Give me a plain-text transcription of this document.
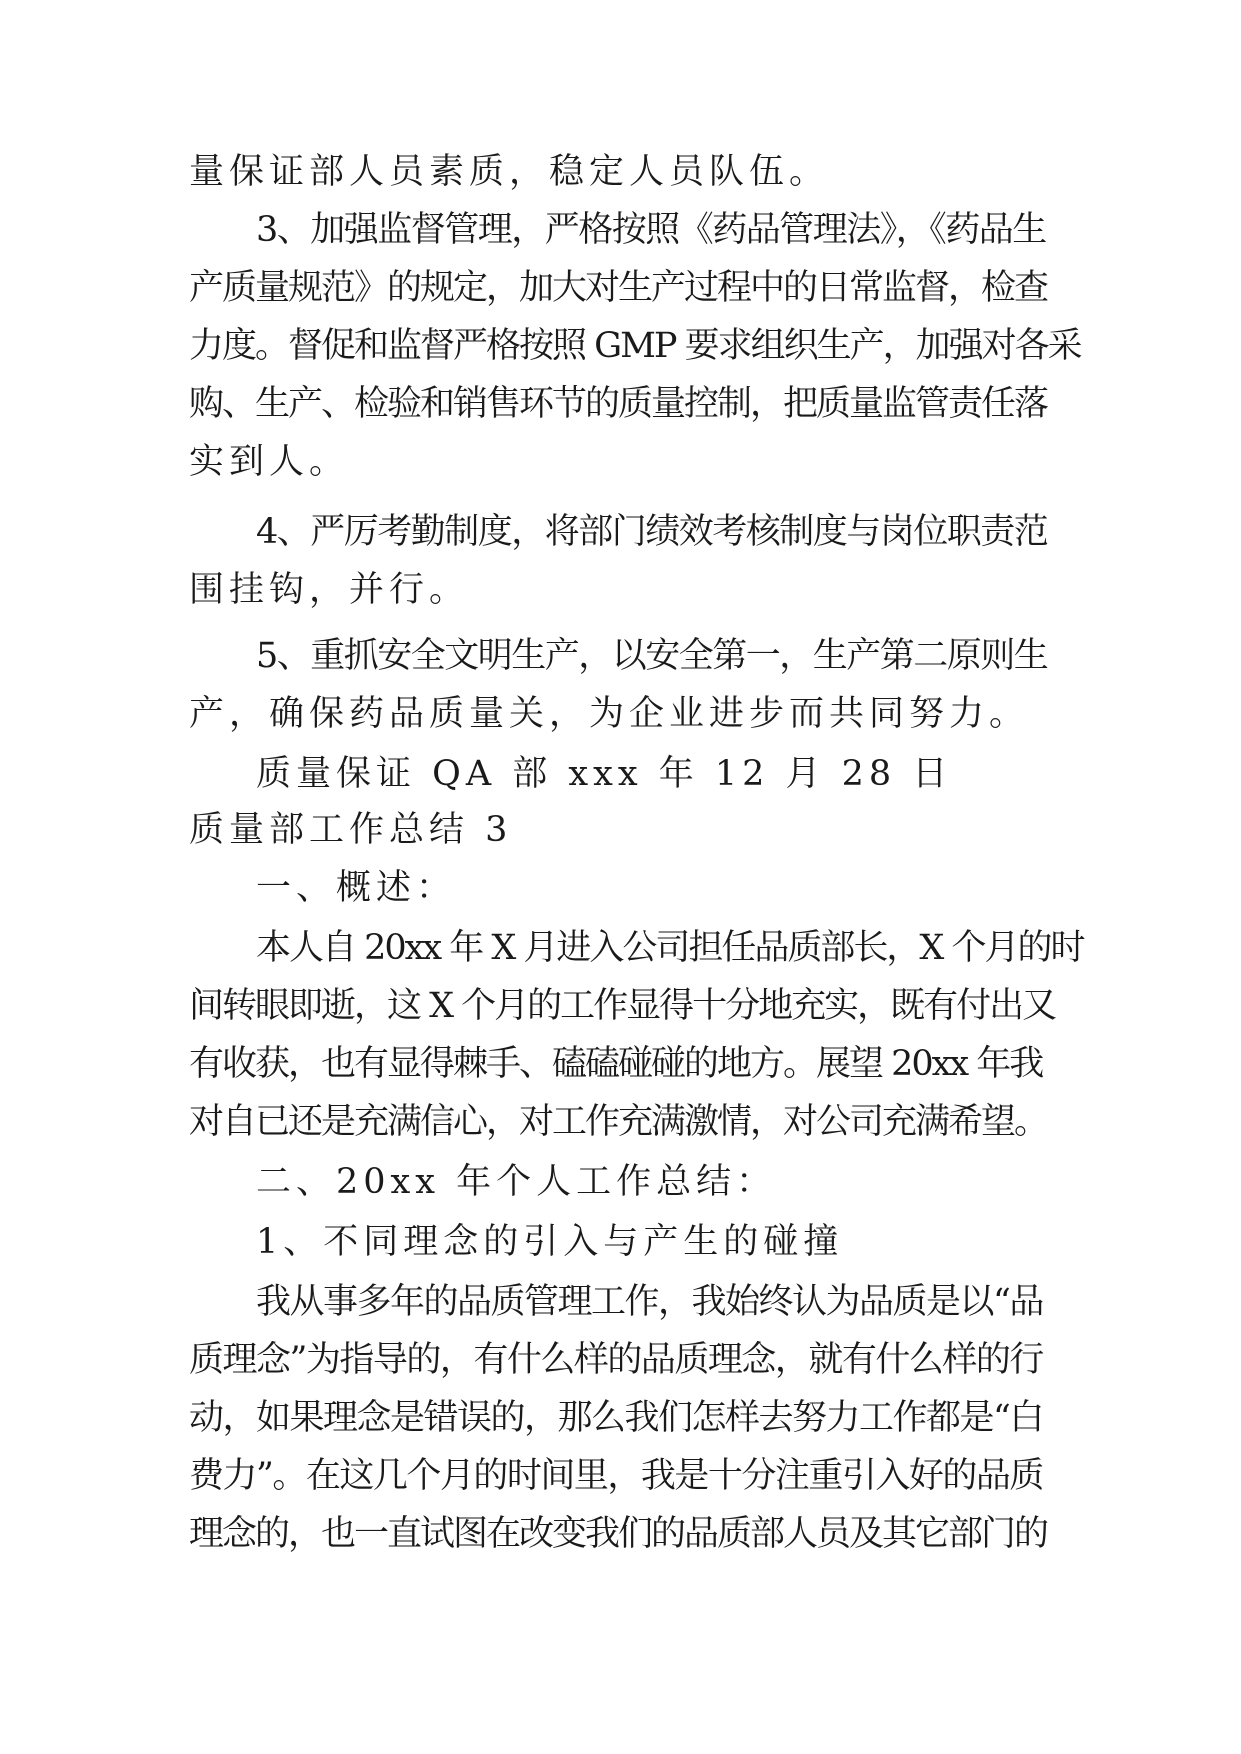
量保证部人员素质，稳定人员队伍。
3、加强监督管理，严格按照《药品管理法》，《药品生
产质量规范》的规定，加大对生产过程中的日常监督，检查
力度。督促和监督严格按照 GMP 要求组织生产，加强对各采
购、生产、检验和销售环节的质量控制，把质量监管责任落
实到人。
4、严厉考勤制度，将部门绩效考核制度与岗位职责范
围挂钩，并行。
5、重抓安全文明生产，以安全第一，生产第二原则生
产，确保药品质量关，为企业进步而共同努力。
质量保证 QA 部 xxx 年 12 月 28 日
质量部工作总结 3
一、概述：
本人自 20xx 年 X 月进入公司担任品质部长，X 个月的时
间转眼即逝，这 X 个月的工作显得十分地充实，既有付出又
有收获，也有显得棘手、磕磕碰碰的地方。展望 20xx 年我
对自已还是充满信心，对工作充满激情，对公司充满希望。
二、20xx 年个人工作总结：
1、不同理念的引入与产生的碰撞
我从事多年的品质管理工作，我始终认为品质是以“品
质理念”为指导的，有什么样的品质理念，就有什么样的行
动，如果理念是错误的，那么我们怎样去努力工作都是“白
费力”。在这几个月的时间里，我是十分注重引入好的品质
理念的，也一直试图在改变我们的品质部人员及其它部门的
